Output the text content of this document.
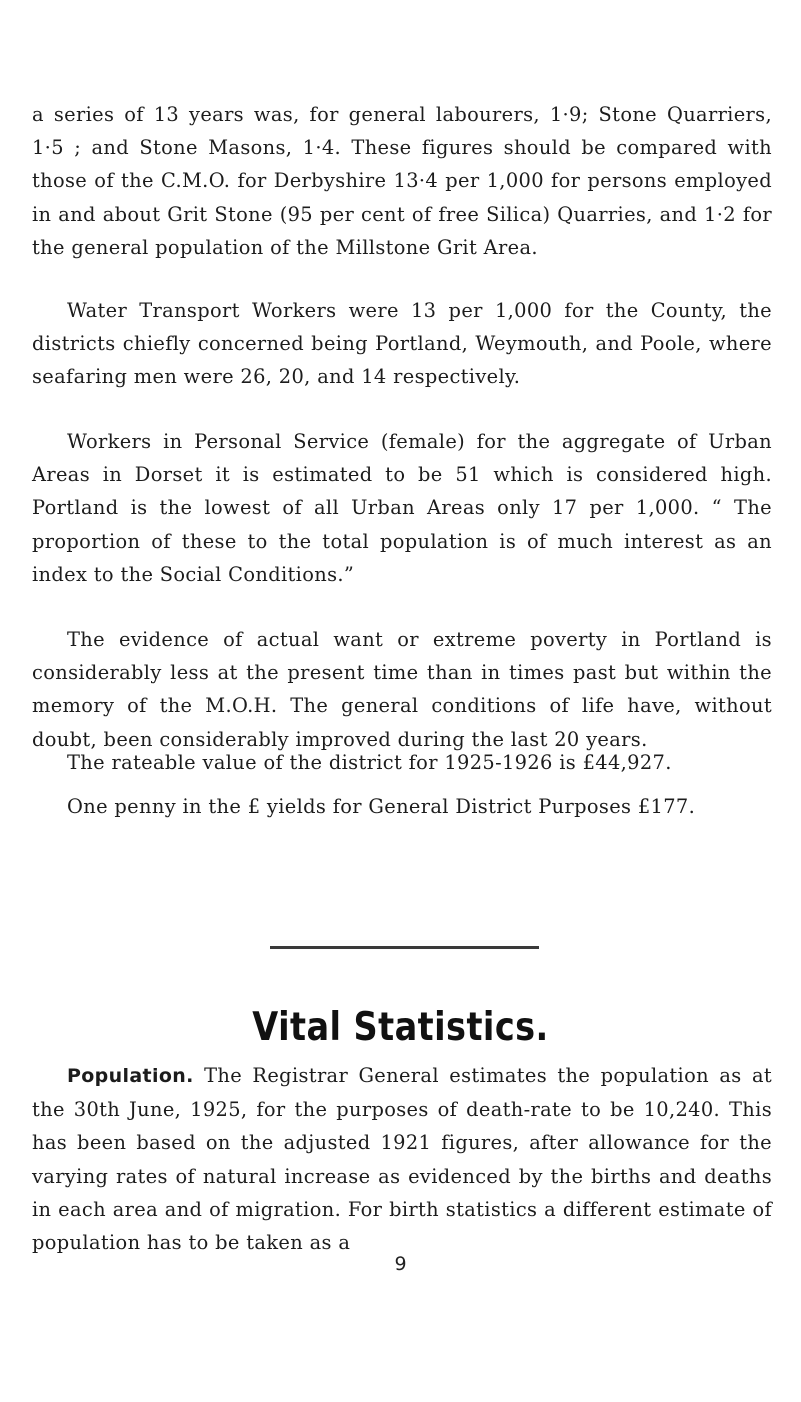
a series of 13 years was, for general labourers, 1·9; Stone Quarriers, 1·5 ; and Stone Masons, 1·4. These figures should be compared with those of the C.M.O. for Derbyshire 13·4 per 1,000 for persons employed in and about Grit Stone (95 per cent of free Silica) Quarries, and 1·2 for the general population of the Millstone Grit Area.

Water Transport Workers were 13 per 1,000 for the County, the districts chiefly concerned being Portland, Weymouth, and Poole, where seafaring men were 26, 20, and 14 respectively.

Workers in Personal Service (female) for the aggregate of Urban Areas in Dorset it is estimated to be 51 which is considered high. Portland is the lowest of all Urban Areas only 17 per 1,000. “ The proportion of these to the total population is of much interest as an index to the Social Conditions.”

The evidence of actual want or extreme poverty in Portland is considerably less at the present time than in times past but within the memory of the M.O.H. The general conditions of life have, without doubt, been considerably improved during the last 20 years.

The rateable value of the district for 1925-1926 is £44,927.

One penny in the £ yields for General District Purposes £177.

Vital Statistics.

Population. The Registrar General estimates the population as at the 30th June, 1925, for the purposes of death-rate to be 10,240. This has been based on the adjusted 1921 figures, after allowance for the varying rates of natural increase as evidenced by the births and deaths in each area and of migration. For birth statistics a different estimate of population has to be taken as a

9
